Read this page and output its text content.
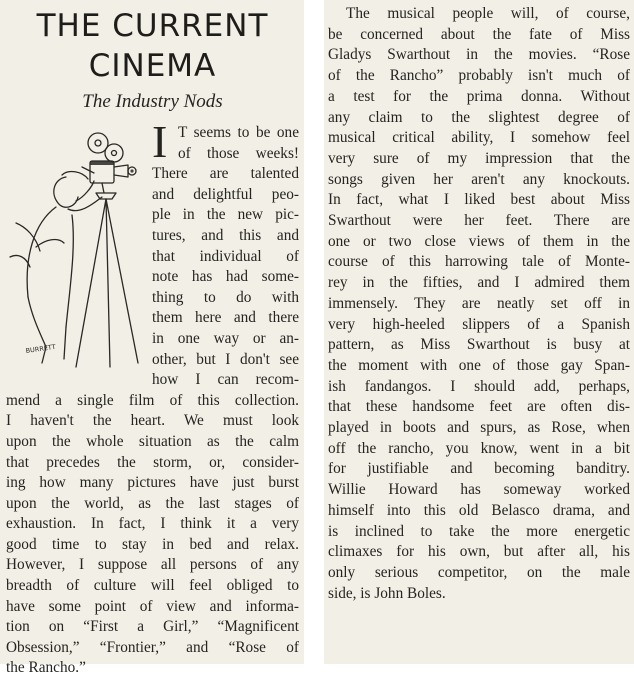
THE CURRENT
CINEMA
The Industry Nods
BURRETT
I T seems to be one
of those weeks!
There are talented
and delightful peo-
ple in the new pic-
tures, and this and
that individual of
note has had some-
thing to do with
them here and there
in one way or an-
other, but I don't see
how I can recom-
mend a single film of this collection.
I haven't the heart. We must look
upon the whole situation as the calm
that precedes the storm, or, consider-
ing how many pictures have just burst
upon the world, as the last stages of
exhaustion. In fact, I think it a very
good time to stay in bed and relax.
However, I suppose all persons of any
breadth of culture will feel obliged to
have some point of view and informa-
tion on “First a Girl,” “Magnificent
Obsession,” “Frontier,” and “Rose of
the Rancho.”
The musical people will, of course,
be concerned about the fate of Miss
Gladys Swarthout in the movies. “Rose
of the Rancho” probably isn't much of
a test for the prima donna. Without
any claim to the slightest degree of
musical critical ability, I somehow feel
very sure of my impression that the
songs given her aren't any knockouts.
In fact, what I liked best about Miss
Swarthout were her feet. There are
one or two close views of them in the
course of this harrowing tale of Monte-
rey in the fifties, and I admired them
immensely. They are neatly set off in
very high-heeled slippers of a Spanish
pattern, as Miss Swarthout is busy at
the moment with one of those gay Span-
ish fandangos. I should add, perhaps,
that these handsome feet are often dis-
played in boots and spurs, as Rose, when
off the rancho, you know, went in a bit
for justifiable and becoming banditry.
Willie Howard has someway worked
himself into this old Belasco drama, and
is inclined to take the more energetic
climaxes for his own, but after all, his
only serious competitor, on the male
side, is John Boles.
